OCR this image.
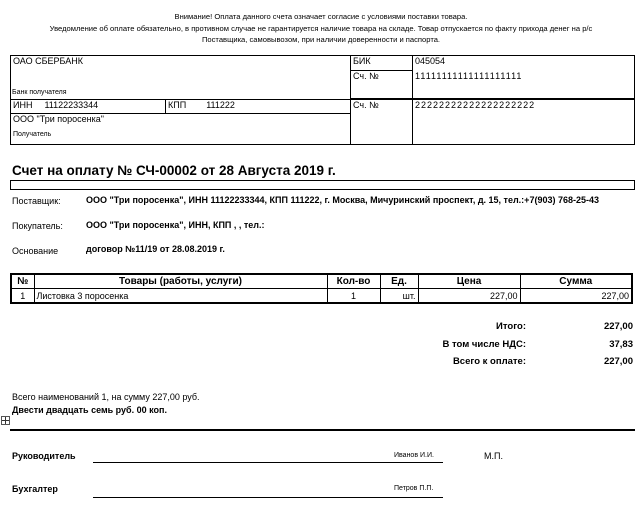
Внимание! Оплата данного счета означает согласие с условиями поставки товара.
Уведомление об оплате обязательно, в противном случае не гарантируется наличие товара на складе. Товар отпускается по факту прихода денег на р/с
Поставщика, самовывозом, при наличии доверенности и паспорта.
ОАО СБЕРБАНК		БИК	045054
		Сч. №	11111111111111111111

ИНН 11122233344	КПП 111222	Сч. №	22222222222222222222

ООО "Три поросенка"
Получатель			
Банк получателя
Счет на оплату № СЧ-00002 от 28 Августа 2019 г.
Поставщик:	ООО "Три поросенка", ИНН 11122233344, КПП 111222, г. Москва, Мичуринский проспект, д. 15, тел.:+7(903) 768-25-43
Покупатель:	ООО "Три поросенка", ИНН, КПП , , тел.:
Основание	договор №11/19 от 28.08.2019 г.
№	Товары (работы, услуги)	Кол-во	Ед.	Цена	Сумма
1	Листовка 3 поросенка	1	шт.	227,00	227,00
Итого:	227,00
В том числе НДС:	37,83
Всего к оплате:	227,00
Всего наименований 1, на сумму 227,00 руб.
Двести двадцать семь руб. 00 коп.
Руководитель	Иванов И.И.	М.П.
Бухгалтер	Петров П.П.
